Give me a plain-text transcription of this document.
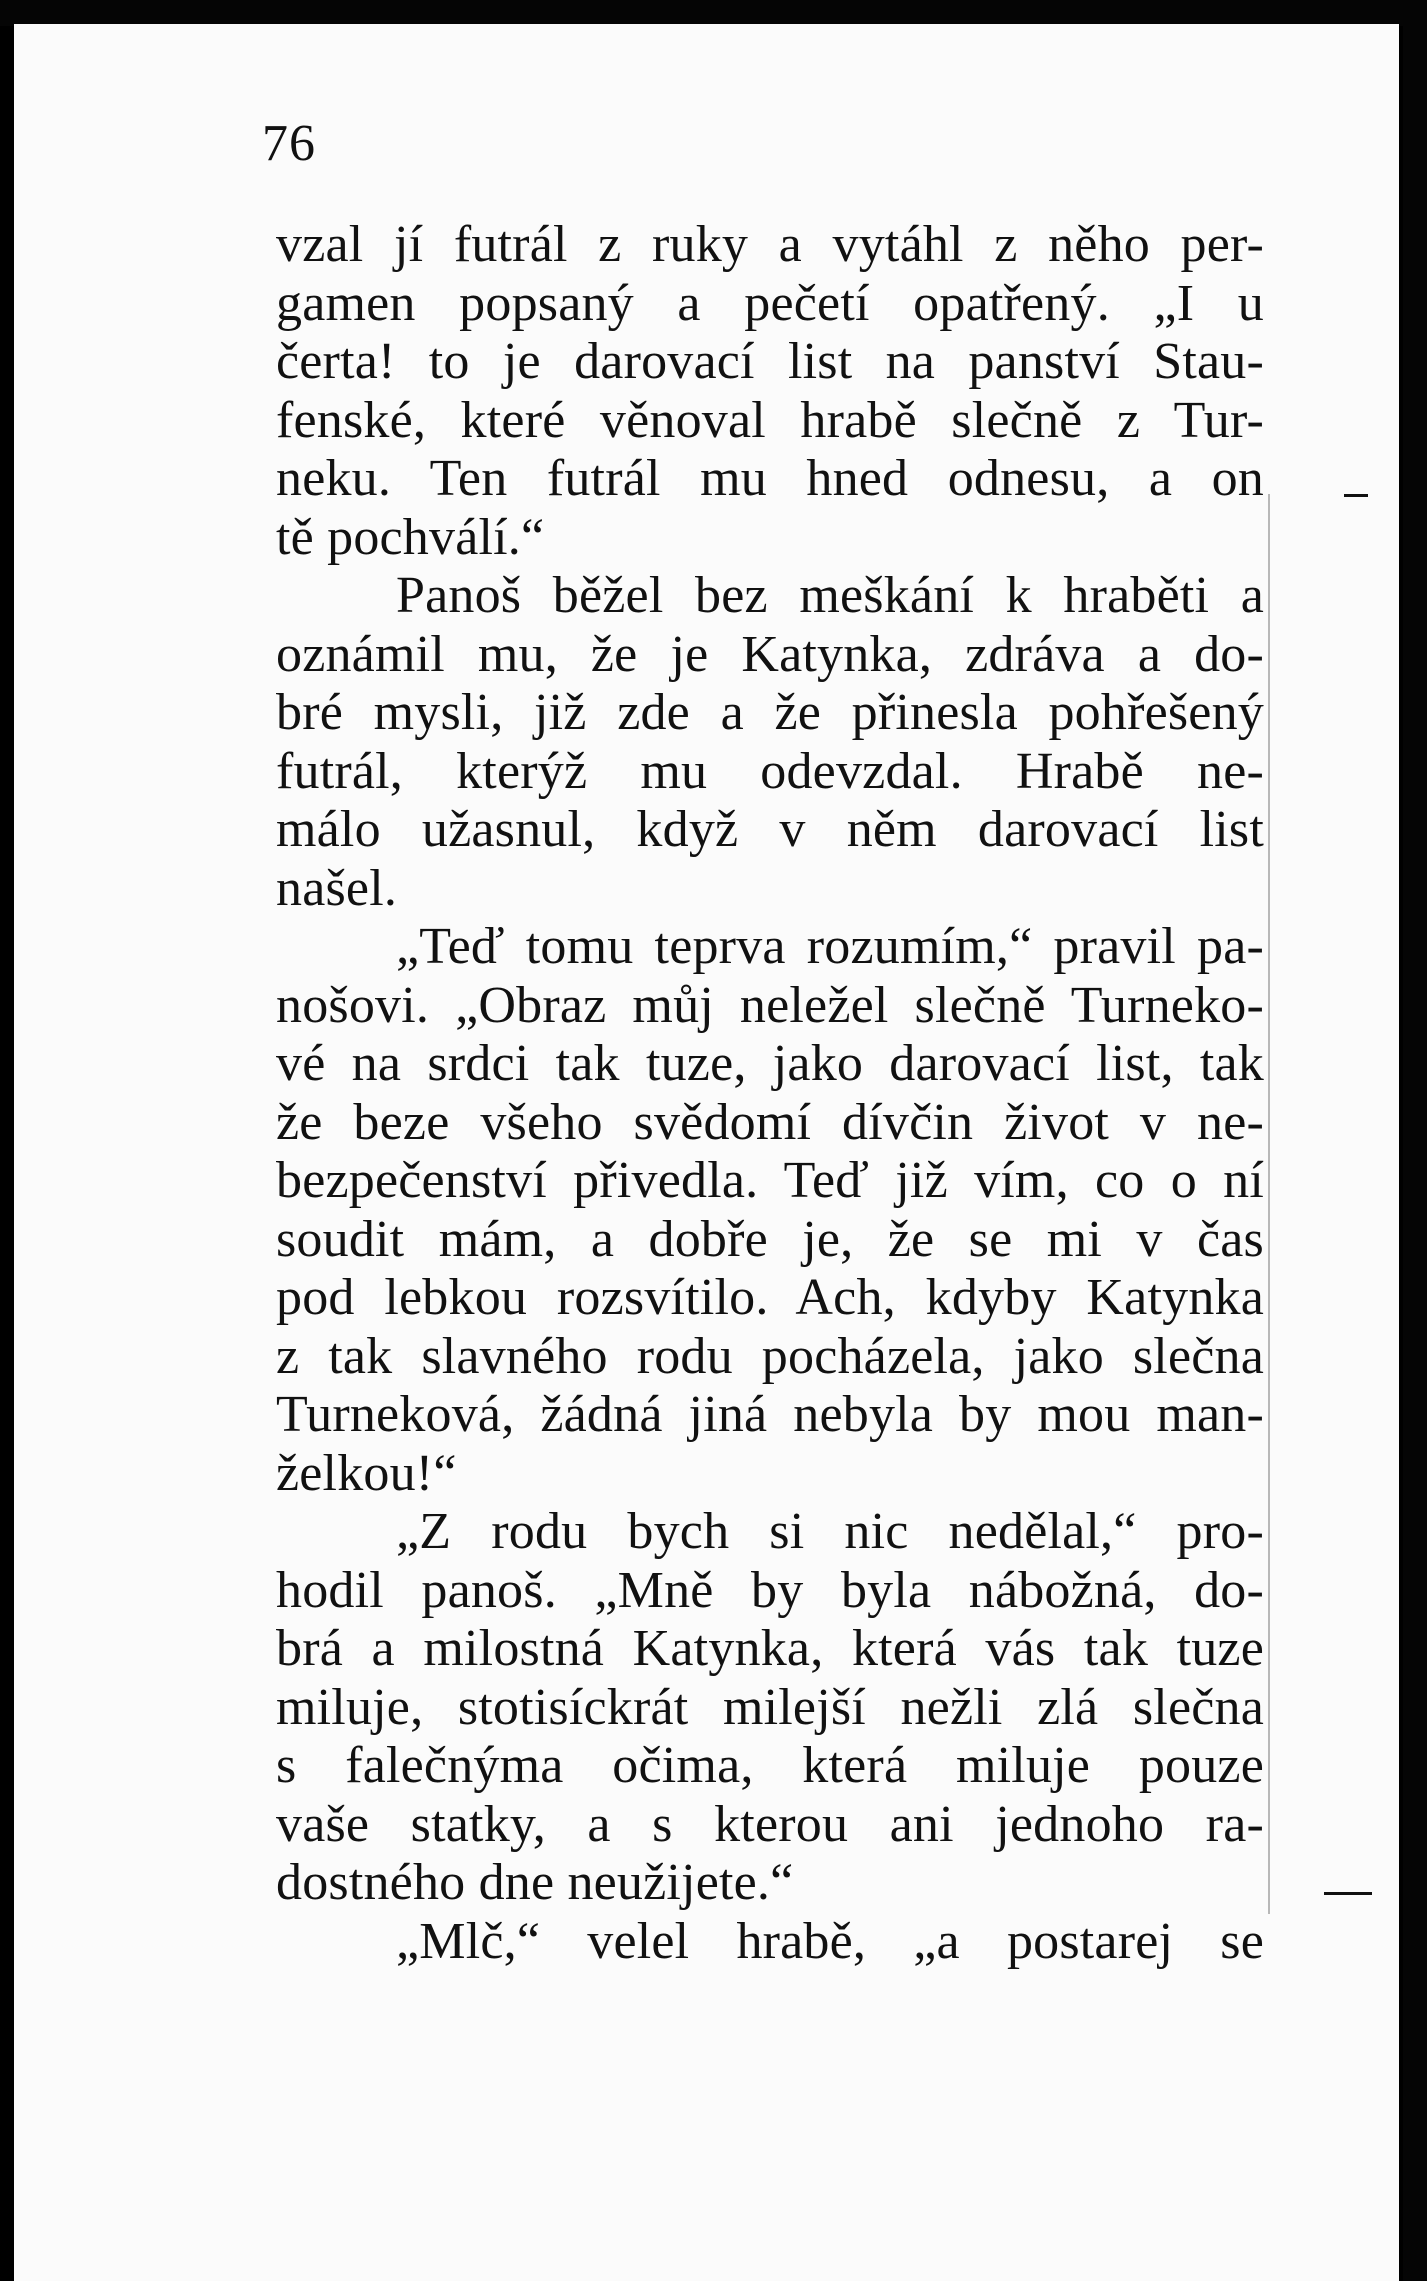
76
vzal jí futrál z ruky a vytáhl z něho per-
gamen popsaný a pečetí opatřený. „I u
čerta! to je darovací list na panství Stau-
fenské, které věnoval hrabě slečně z Tur-
neku. Ten futrál mu hned odnesu, a on
tě pochválí.“
Panoš běžel bez meškání k hraběti a
oznámil mu, že je Katynka, zdráva a do-
bré mysli, již zde a že přinesla pohřešený
futrál, kterýž mu odevzdal. Hrabě ne-
málo užasnul, když v něm darovací list
našel.
„Teď tomu teprva rozumím,“ pravil pa-
nošovi. „Obraz můj neležel slečně Turneko-
vé na srdci tak tuze, jako darovací list, tak
že beze všeho svědomí dívčin život v ne-
bezpečenství přivedla. Teď již vím, co o ní
soudit mám, a dobře je, že se mi v čas
pod lebkou rozsvítilo. Ach, kdyby Katynka
z tak slavného rodu pocházela, jako slečna
Turneková, žádná jiná nebyla by mou man-
želkou!“
„Z rodu bych si nic nedělal,“ pro-
hodil panoš. „Mně by byla nábožná, do-
brá a milostná Katynka, která vás tak tuze
miluje, stotisíckrát milejší nežli zlá slečna
s falečnýma očima, která miluje pouze
vaše statky, a s kterou ani jednoho ra-
dostného dne neužijete.“
„Mlč,“ velel hrabě, „a postarej se
